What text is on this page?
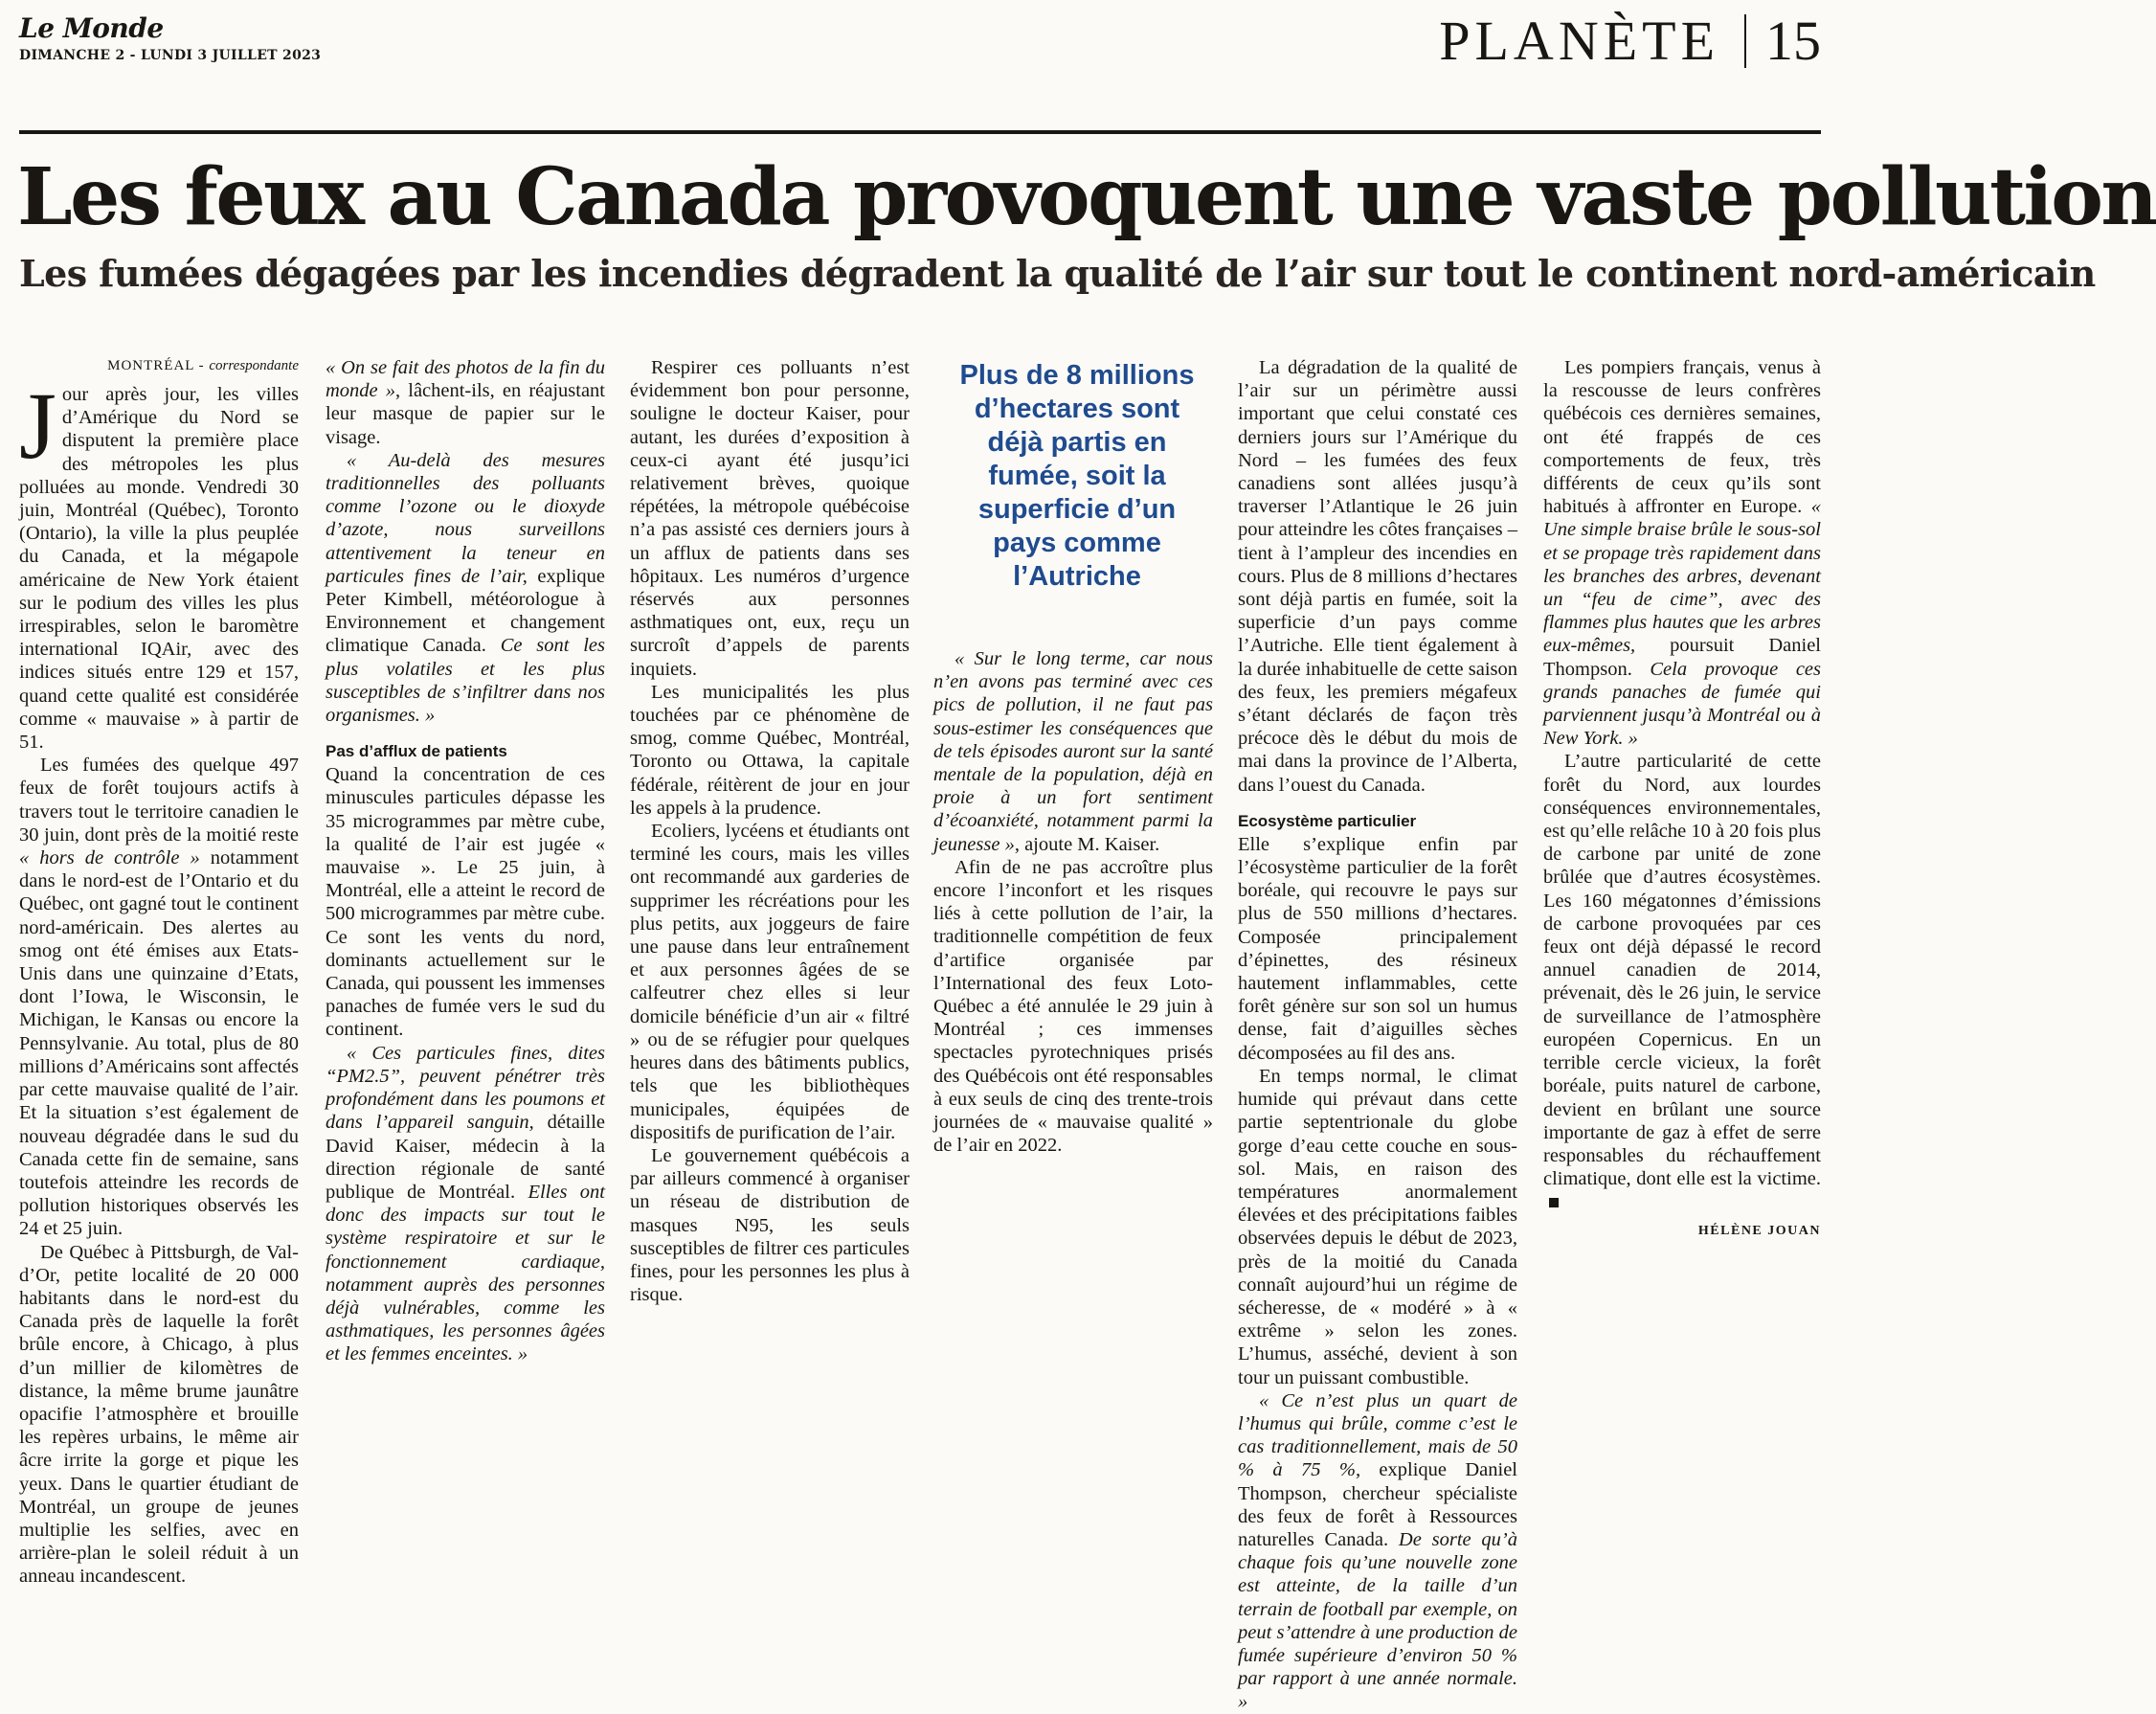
Le Monde
DIMANCHE 2 - LUNDI 3 JUILLET 2023	PLANÈTE 15
Les feux au Canada provoquent une vaste pollution
Les fumées dégagées par les incendies dégradent la qualité de l’air sur tout le continent nord-américain
MONTRÉAL - correspondante

Jour après jour, les villes d’Amérique du Nord se disputent la première place des métropoles les plus polluées au monde. Vendredi 30 juin, Montréal (Québec), Toronto (Ontario), la ville la plus peuplée du Canada, et la mégapole américaine de New York étaient sur le podium des villes les plus irrespirables, selon le baromètre international IQAir, avec des indices situés entre 129 et 157, quand cette qualité est considérée comme « mauvaise » à partir de 51.

Les fumées des quelque 497 feux de forêt toujours actifs à travers tout le territoire canadien le 30 juin, dont près de la moitié reste « hors de contrôle » notamment dans le nord-est de l’Ontario et du Québec, ont gagné tout le continent nord-américain. Des alertes au smog ont été émises aux Etats-Unis dans une quinzaine d’Etats, dont l’Iowa, le Wisconsin, le Michigan, le Kansas ou encore la Pennsylvanie. Au total, plus de 80 millions d’Américains sont affectés par cette mauvaise qualité de l’air. Et la situation s’est également de nouveau dégradée dans le sud du Canada cette fin de semaine, sans toutefois atteindre les records de pollution historiques observés les 24 et 25 juin.

De Québec à Pittsburgh, de Val-d’Or, petite localité de 20 000 habitants dans le nord-est du Canada près de laquelle la forêt brûle encore, à Chicago, à plus d’un millier de kilomètres de distance, la même brume jaunâtre opacifie l’atmosphère et brouille les repères urbains, le même air âcre irrite la gorge et pique les yeux. Dans le quartier étudiant de Montréal, un groupe de jeunes multiplie les selfies, avec en arrière-plan le soleil réduit à un anneau incandescent.

« On se fait des photos de la fin du monde », lâchent-ils, en réajustant leur masque de papier sur le visage.

« Au-delà des mesures traditionnelles des polluants comme l’ozone ou le dioxyde d’azote, nous surveillons attentivement la teneur en particules fines de l’air, explique Peter Kimbell, météorologue à Environnement et changement climatique Canada. Ce sont les plus volatiles et les plus susceptibles de s’infiltrer dans nos organismes. »

Pas d’afflux de patients

Quand la concentration de ces minuscules particules dépasse les 35 microgrammes par mètre cube, la qualité de l’air est jugée « mauvaise ». Le 25 juin, à Montréal, elle a atteint le record de 500 microgrammes par mètre cube. Ce sont les vents du nord, dominants actuellement sur le Canada, qui poussent les immenses panaches de fumée vers le sud du continent.

« Ces particules fines, dites “PM2.5”, peuvent pénétrer très profondément dans les poumons et dans l’appareil sanguin, détaille David Kaiser, médecin à la direction régionale de santé publique de Montréal. Elles ont donc des impacts sur tout le système respiratoire et sur le fonctionnement cardiaque, notamment auprès des personnes déjà vulnérables, comme les asthmatiques, les personnes âgées et les femmes enceintes. »

Respirer ces polluants n’est évidemment bon pour personne, souligne le docteur Kaiser, pour autant, les durées d’exposition à ceux-ci ayant été jusqu’ici relativement brèves, quoique répétées, la métropole québécoise n’a pas assisté ces derniers jours à un afflux de patients dans ses hôpitaux. Les numéros d’urgence réservés aux personnes asthmatiques ont, eux, reçu un surcroît d’appels de parents inquiets.

Les municipalités les plus touchées par ce phénomène de smog, comme Québec, Montréal, Toronto ou Ottawa, la capitale fédérale, réitèrent de jour en jour les appels à la prudence.

Ecoliers, lycéens et étudiants ont terminé les cours, mais les villes ont recommandé aux garderies de supprimer les récréations pour les plus petits, aux joggeurs de faire une pause dans leur entraînement et aux personnes âgées de se calfeutrer chez elles si leur domicile bénéficie d’un air « filtré » ou de se réfugier pour quelques heures dans des bâtiments publics, tels que les bibliothèques municipales, équipées de dispositifs de purification de l’air.

Le gouvernement québécois a par ailleurs commencé à organiser un réseau de distribution de masques N95, les seuls susceptibles de filtrer ces particules fines, pour les personnes les plus à risque.

Plus de 8 millions d’hectares sont déjà partis en fumée, soit la superficie d’un pays comme l’Autriche

« Sur le long terme, car nous n’en avons pas terminé avec ces pics de pollution, il ne faut pas sous-estimer les conséquences que de tels épisodes auront sur la santé mentale de la population, déjà en proie à un fort sentiment d’écoanxiété, notamment parmi la jeunesse », ajoute M. Kaiser.

Afin de ne pas accroître plus encore l’inconfort et les risques liés à cette pollution de l’air, la traditionnelle compétition de feux d’artifice organisée par l’International des feux Loto-Québec a été annulée le 29 juin à Montréal ; ces immenses spectacles pyrotechniques prisés des Québécois ont été responsables à eux seuls de cinq des trente-trois journées de « mauvaise qualité » de l’air en 2022.

La dégradation de la qualité de l’air sur un périmètre aussi important que celui constaté ces derniers jours sur l’Amérique du Nord – les fumées des feux canadiens sont allées jusqu’à traverser l’Atlantique le 26 juin pour atteindre les côtes françaises – tient à l’ampleur des incendies en cours. Plus de 8 millions d’hectares sont déjà partis en fumée, soit la superficie d’un pays comme l’Autriche. Elle tient également à la durée inhabituelle de cette saison des feux, les premiers mégafeux s’étant déclarés de façon très précoce dès le début du mois de mai dans la province de l’Alberta, dans l’ouest du Canada.

Ecosystème particulier

Elle s’explique enfin par l’écosystème particulier de la forêt boréale, qui recouvre le pays sur plus de 550 millions d’hectares. Composée principalement d’épinettes, des résineux hautement inflammables, cette forêt génère sur son sol un humus dense, fait d’aiguilles sèches décomposées au fil des ans.

En temps normal, le climat humide qui prévaut dans cette partie septentrionale du globe gorge d’eau cette couche en sous-sol. Mais, en raison des températures anormalement élevées et des précipitations faibles observées depuis le début de 2023, près de la moitié du Canada connaît aujourd’hui un régime de sécheresse, de « modéré » à « extrême » selon les zones. L’humus, asséché, devient à son tour un puissant combustible.

« Ce n’est plus un quart de l’humus qui brûle, comme c’est le cas traditionnellement, mais de 50 % à 75 %, explique Daniel Thompson, chercheur spécialiste des feux de forêt à Ressources naturelles Canada. De sorte qu’à chaque fois qu’une nouvelle zone est atteinte, de la taille d’un terrain de football par exemple, on peut s’attendre à une production de fumée supérieure d’environ 50 % par rapport à une année normale. »

Les pompiers français, venus à la rescousse de leurs confrères québécois ces dernières semaines, ont été frappés de ces comportements de feux, très différents de ceux qu’ils sont habitués à affronter en Europe. « Une simple braise brûle le sous-sol et se propage très rapidement dans les branches des arbres, devenant un “feu de cime”, avec des flammes plus hautes que les arbres eux-mêmes, poursuit Daniel Thompson. Cela provoque ces grands panaches de fumée qui parviennent jusqu’à Montréal ou à New York. »

L’autre particularité de cette forêt du Nord, aux lourdes conséquences environnementales, est qu’elle relâche 10 à 20 fois plus de carbone par unité de zone brûlée que d’autres écosystèmes. Les 160 mégatonnes d’émissions de carbone provoquées par ces feux ont déjà dépassé le record annuel canadien de 2014, prévenait, dès le 26 juin, le service de surveillance de l’atmosphère européen Copernicus. En un terrible cercle vicieux, la forêt boréale, puits naturel de carbone, devient en brûlant une source importante de gaz à effet de serre responsables du réchauffement climatique, dont elle est la victime.

HÉLÈNE JOUAN
